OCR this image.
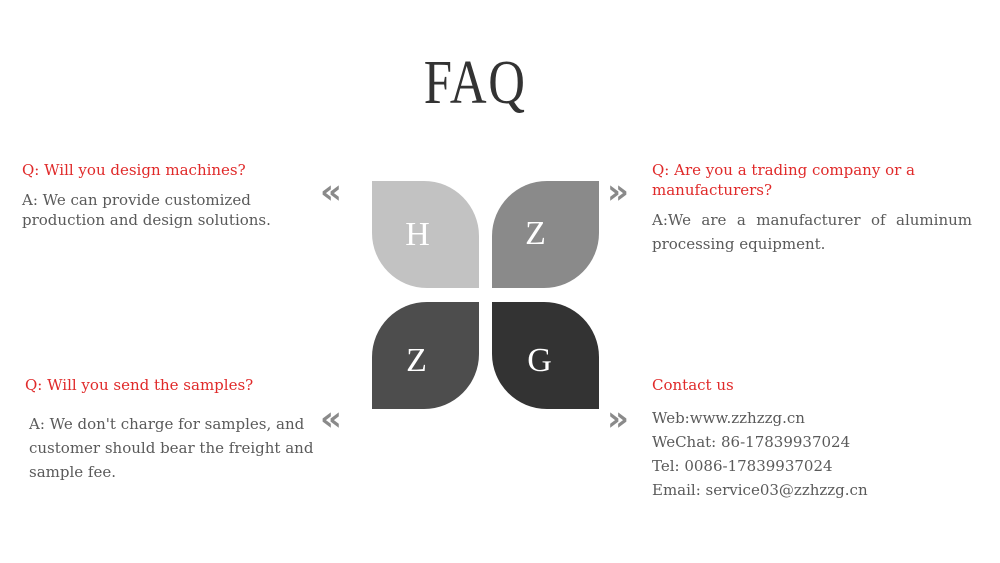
FAQ
Q: Will you design machines?
A: We can provide customized production and design solutions.
Q: Are you a trading company or a manufacturers?
A:We are a manufacturer of aluminum processing equipment.
Q: Will you send the samples?
A: We don't charge for samples, and customer should bear the freight and sample fee.
Contact us
Web:www.zzhzzg.cn
WeChat: 86-17839937024
Tel: 0086-17839937024
Email: service03@zzhzzg.cn
«	»
«	»
H	Z
Z	G
